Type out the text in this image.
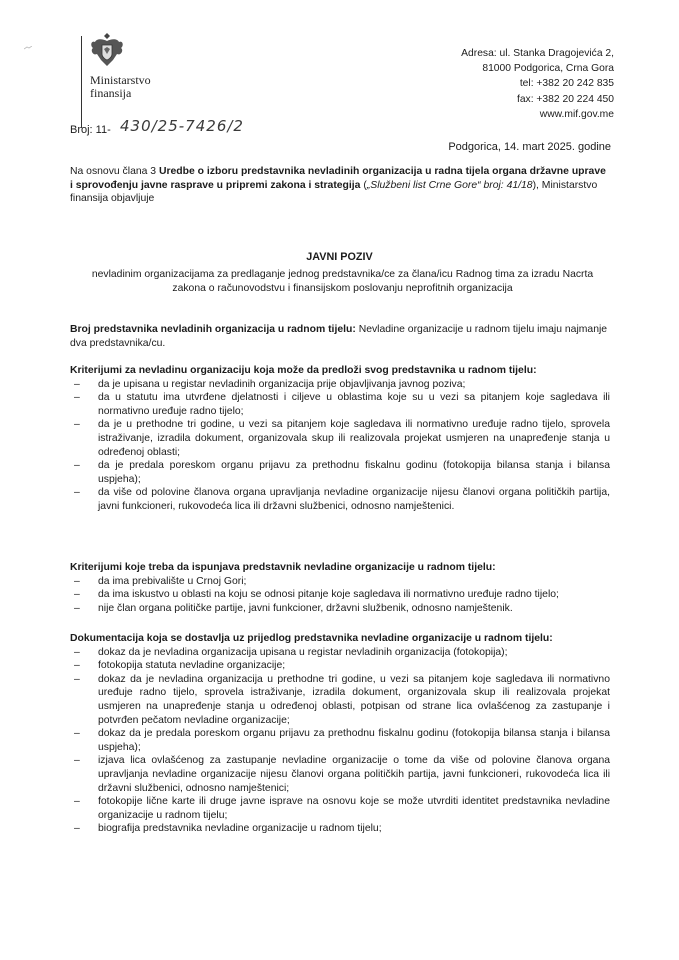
Ministarstvo
finansija
Adresa: ul. Stanka Dragojevića 2,
81000 Podgorica, Crna Gora
tel: +382 20 242 835
fax: +382 20 224 450
www.mif.gov.me
Broj: 11- 430/25-7426/2
Podgorica, 14. mart 2025. godine
Na osnovu člana 3 Uredbe o izboru predstavnika nevladinih organizacija u radna tijela organa državne uprave i sprovođenju javne rasprave u pripremi zakona i strategija („Službeni list Crne Gore“ broj: 41/18), Ministarstvo finansija objavljuje
JAVNI POZIV
nevladinim organizacijama za predlaganje jednog predstavnika/ce za člana/icu Radnog tima za izradu Nacrta zakona o računovodstvu i finansijskom poslovanju neprofitnih organizacija
Broj predstavnika nevladinih organizacija u radnom tijelu: Nevladine organizacije u radnom tijelu imaju najmanje dva predstavnika/cu.
Kriterijumi za nevladinu organizaciju koja može da predloži svog predstavnika u radnom tijelu:
– da je upisana u registar nevladinih organizacija prije objavljivanja javnog poziva;
– da u statutu ima utvrđene djelatnosti i ciljeve u oblastima koje su u vezi sa pitanjem koje sagledava ili normativno uređuje radno tijelo;
– da je u prethodne tri godine, u vezi sa pitanjem koje sagledava ili normativno uređuje radno tijelo, sprovela istraživanje, izradila dokument, organizovala skup ili realizovala projekat usmjeren na unapređenje stanja u određenoj oblasti;
– da je predala poreskom organu prijavu za prethodnu fiskalnu godinu (fotokopija bilansa stanja i bilansa uspjeha);
– da više od polovine članova organa upravljanja nevladine organizacije nijesu članovi organa političkih partija, javni funkcioneri, rukovodeća lica ili državni službenici, odnosno namještenici.
Kriterijumi koje treba da ispunjava predstavnik nevladine organizacije u radnom tijelu:
– da ima prebivalište u Crnoj Gori;
– da ima iskustvo u oblasti na koju se odnosi pitanje koje sagledava ili normativno uređuje radno tijelo;
– nije član organa političke partije, javni funkcioner, državni službenik, odnosno namještenik.
Dokumentacija koja se dostavlja uz prijedlog predstavnika nevladine organizacije u radnom tijelu:
– dokaz da je nevladina organizacija upisana u registar nevladinih organizacija (fotokopija);
– fotokopija statuta nevladine organizacije;
– dokaz da je nevladina organizacija u prethodne tri godine, u vezi sa pitanjem koje sagledava ili normativno uređuje radno tijelo, sprovela istraživanje, izradila dokument, organizovala skup ili realizovala projekat usmjeren na unapređenje stanja u određenoj oblasti, potpisan od strane lica ovlašćenog za zastupanje i potvrđen pečatom nevladine organizacije;
– dokaz da je predala poreskom organu prijavu za prethodnu fiskalnu godinu (fotokopija bilansa stanja i bilansa uspjeha);
– izjava lica ovlašćenog za zastupanje nevladine organizacije o tome da više od polovine članova organa upravljanja nevladine organizacije nijesu članovi organa političkih partija, javni funkcioneri, rukovodeća lica ili državni službenici, odnosno namještenici;
– fotokopije lične karte ili druge javne isprave na osnovu koje se može utvrditi identitet predstavnika nevladine organizacije u radnom tijelu;
– biografija predstavnika nevladine organizacije u radnom tijelu;
